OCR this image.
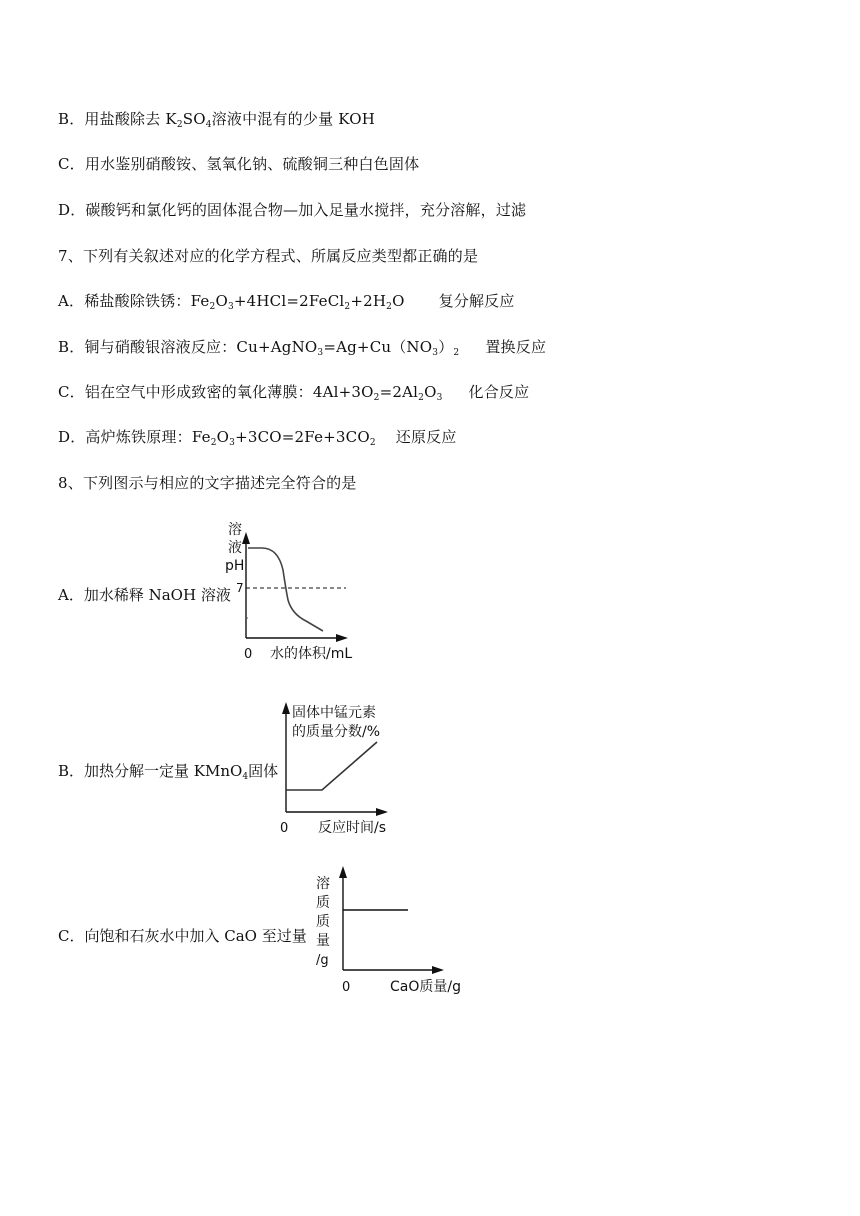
B．用盐酸除去 $K_2SO_4$溶液中混有的少量 KOH
C．用水鉴别硝酸铵、氢氧化钠、硫酸铜三种白色固体
D．碳酸钙和氯化钙的固体混合物—加入足量水搅拌，充分溶解，过滤
7、下列有关叙述对应的化学方程式、所属反应类型都正确的是
A．稀盐酸除铁锈：$Fe_2O_3+4HCl=2FeCl_2+2H_2O$ 复分解反应
B．铜与硝酸银溶液反应：$Cu+AgNO_3=Ag+Cu(NO_3)_2$ 置换反应
C．铝在空气中形成致密的氧化薄膜：$4Al+3O_2=2Al_2O_3$ 化合反应
D．高炉炼铁原理：$Fe_2O_3+3CO=2Fe+3CO_2$ 还原反应
8、下列图示与相应的文字描述完全符合的是
A．加水稀释 NaOH 溶液
B．加热分解一定量 KMnO$_4$固体
C．向饱和石灰水中加入 CaO 至过量
溶
液
pH
7
0 水的体积/mL
固体中锰元素
的质量分数/%
0 反应时间/s
溶
质
质
量
/g
0	CaO质量/g
